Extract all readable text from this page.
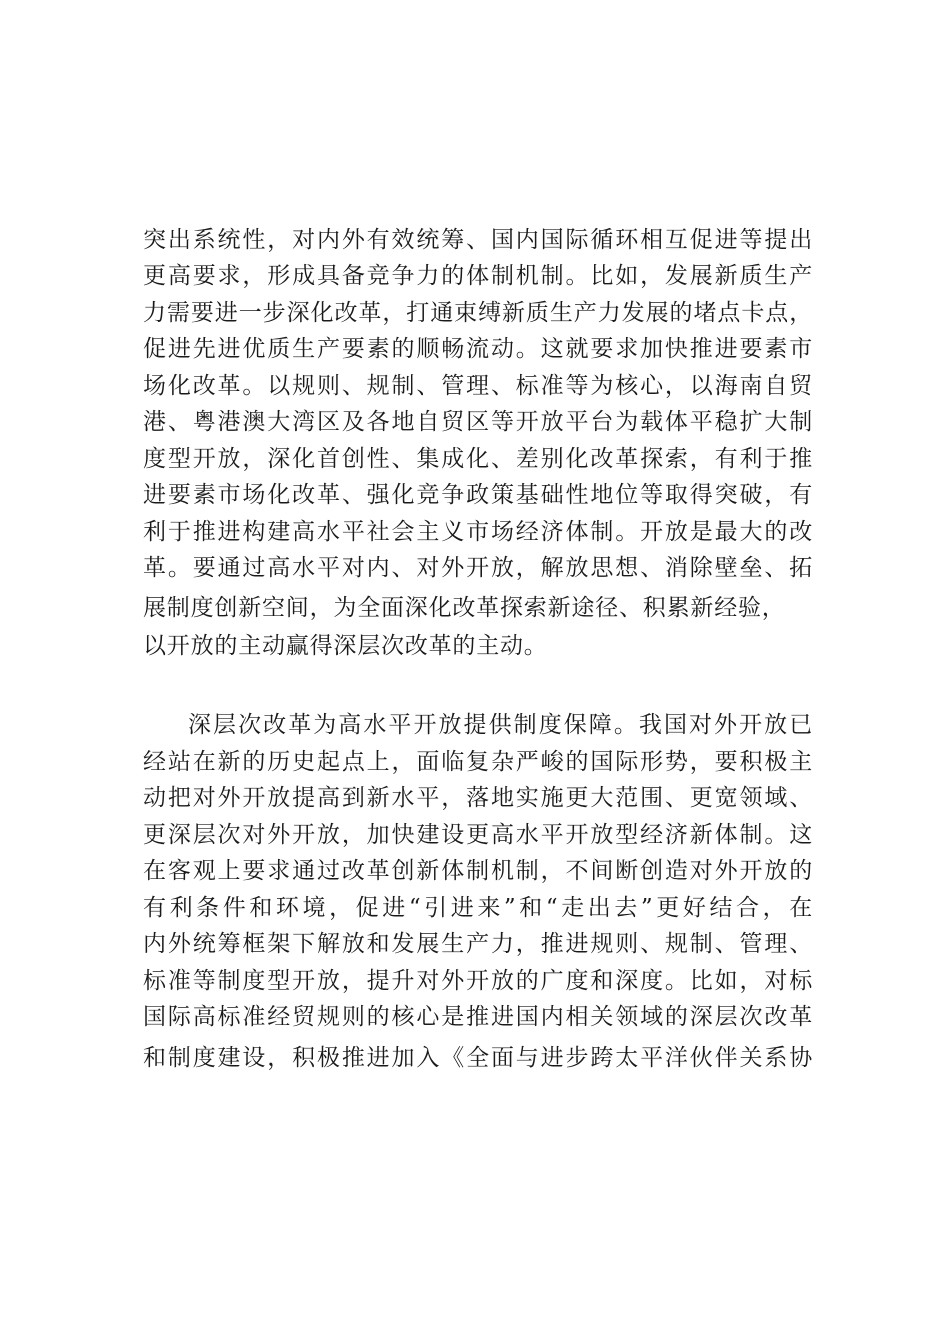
突出系统性，对内外有效统筹、国内国际循环相互促进等提出
更高要求，形成具备竞争力的体制机制。比如，发展新质生产
力需要进一步深化改革，打通束缚新质生产力发展的堵点卡点，
促进先进优质生产要素的顺畅流动。这就要求加快推进要素市
场化改革。以规则、规制、管理、标准等为核心，以海南自贸
港、粤港澳大湾区及各地自贸区等开放平台为载体平稳扩大制
度型开放，深化首创性、集成化、差别化改革探索，有利于推
进要素市场化改革、强化竞争政策基础性地位等取得突破，有
利于推进构建高水平社会主义市场经济体制。开放是最大的改
革。要通过高水平对内、对外开放，解放思想、消除壁垒、拓
展制度创新空间，为全面深化改革探索新途径、积累新经验，
以开放的主动赢得深层次改革的主动。
深层次改革为高水平开放提供制度保障。我国对外开放已
经站在新的历史起点上，面临复杂严峻的国际形势，要积极主
动把对外开放提高到新水平，落地实施更大范围、更宽领域、
更深层次对外开放，加快建设更高水平开放型经济新体制。这
在客观上要求通过改革创新体制机制，不间断创造对外开放的
有利条件和环境，促进“引进来”和“走出去”更好结合，在
内外统筹框架下解放和发展生产力，推进规则、规制、管理、
标准等制度型开放，提升对外开放的广度和深度。比如，对标
国际高标准经贸规则的核心是推进国内相关领域的深层次改革
和制度建设，积极推进加入《全面与进步跨太平洋伙伴关系协
